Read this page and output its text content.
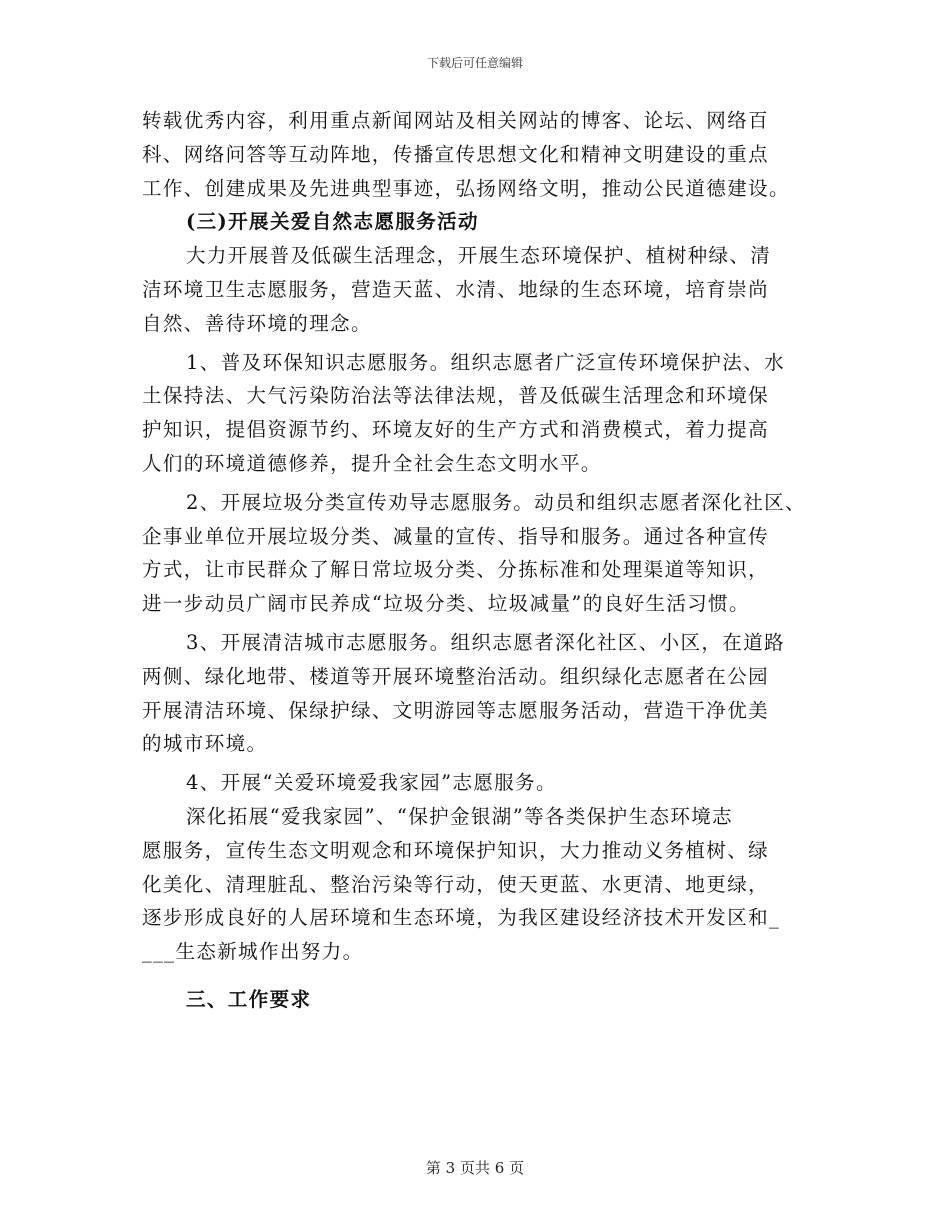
下载后可任意编辑

转载优秀内容，利用重点新闻网站及相关网站的博客、论坛、网络百

科、网络问答等互动阵地，传播宣传思想文化和精神文明建设的重点

工作、创建成果及先进典型事迹，弘扬网络文明，推动公民道德建设。

(三)开展关爱自然志愿服务活动

大力开展普及低碳生活理念，开展生态环境保护、植树种绿、清

洁环境卫生志愿服务，营造天蓝、水清、地绿的生态环境，培育崇尚

自然、善待环境的理念。

1、普及环保知识志愿服务。组织志愿者广泛宣传环境保护法、水

土保持法、大气污染防治法等法律法规，普及低碳生活理念和环境保

护知识，提倡资源节约、环境友好的生产方式和消费模式，着力提高

人们的环境道德修养，提升全社会生态文明水平。

2、开展垃圾分类宣传劝导志愿服务。动员和组织志愿者深化社区、

企事业单位开展垃圾分类、减量的宣传、指导和服务。通过各种宣传

方式，让市民群众了解日常垃圾分类、分拣标准和处理渠道等知识，

进一步动员广阔市民养成“垃圾分类、垃圾减量”的良好生活习惯。

3、开展清洁城市志愿服务。组织志愿者深化社区、小区，在道路

两侧、绿化地带、楼道等开展环境整治活动。组织绿化志愿者在公园

开展清洁环境、保绿护绿、文明游园等志愿服务活动，营造干净优美

的城市环境。

4、开展“关爱环境爱我家园”志愿服务。

深化拓展“爱我家园”、“保护金银湖”等各类保护生态环境志

愿服务，宣传生态文明观念和环境保护知识，大力推动义务植树、绿

化美化、清理脏乱、整治污染等行动，使天更蓝、水更清、地更绿，

逐步形成良好的人居环境和生态环境，为我区建设经济技术开发区和_

___生态新城作出努力。

三、工作要求

第 3 页共 6 页
